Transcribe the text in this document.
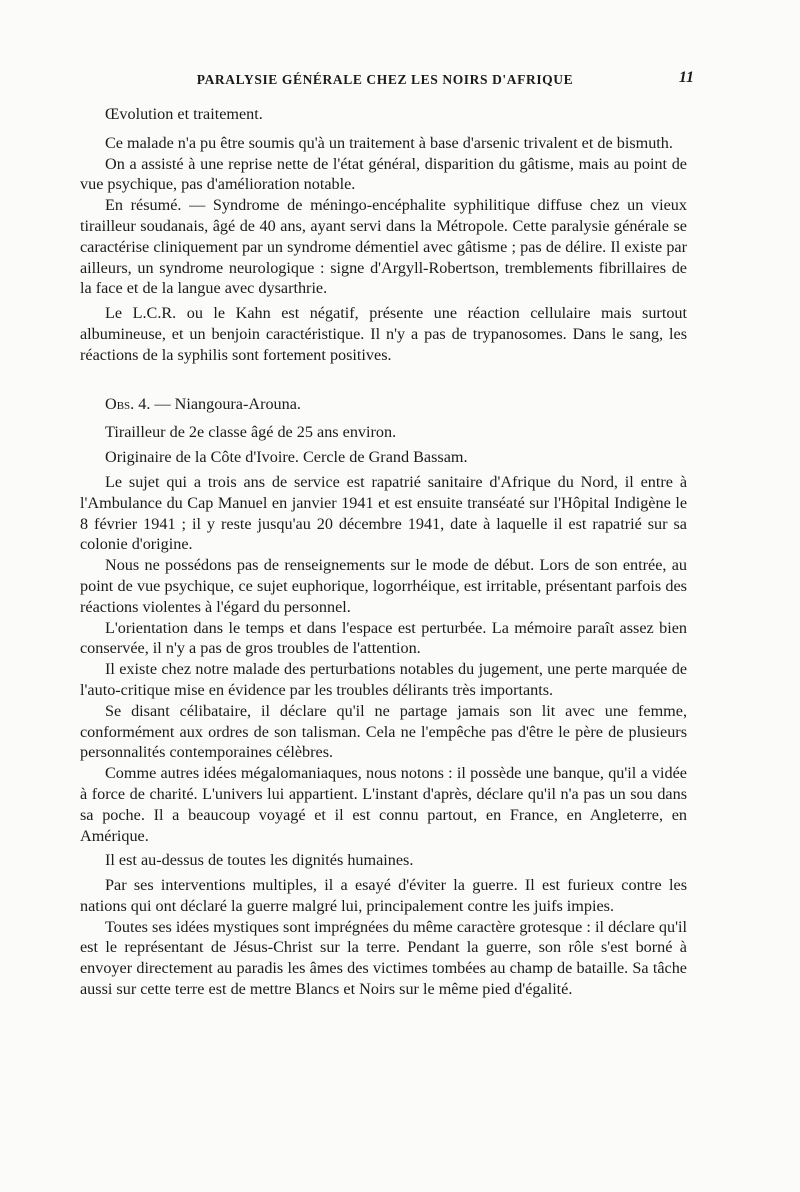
PARALYSIE GÉNÉRALE CHEZ LES NOIRS D'AFRIQUE	11

Œvolution et traitement.

Ce malade n'a pu être soumis qu'à un traitement à base d'arsenic trivalent et de bismuth.

On a assisté à une reprise nette de l'état général, disparition du gâtisme, mais au point de vue psychique, pas d'amélioration notable.

En résumé. — Syndrome de méningo-encéphalite syphilitique diffuse chez un vieux tirailleur soudanais, âgé de 40 ans, ayant servi dans la Métropole. Cette paralysie générale se caractérise cliniquement par un syndrome démentiel avec gâtisme ; pas de délire. Il existe par ailleurs, un syndrome neurologique : signe d'Argyll-Robertson, tremblements fibrillaires de la face et de la langue avec dysarthrie.

Le L.C.R. ou le Kahn est négatif, présente une réaction cellulaire mais surtout albumineuse, et un benjoin caractéristique. Il n'y a pas de trypanosomes. Dans le sang, les réactions de la syphilis sont fortement positives.

Obs. 4. — Niangoura-Arouna.

Tirailleur de 2e classe âgé de 25 ans environ.

Originaire de la Côte d'Ivoire. Cercle de Grand Bassam.

Le sujet qui a trois ans de service est rapatrié sanitaire d'Afrique du Nord, il entre à l'Ambulance du Cap Manuel en janvier 1941 et est ensuite transéaté sur l'Hôpital Indigène le 8 février 1941 ; il y reste jusqu'au 20 décembre 1941, date à laquelle il est rapatrié sur sa colonie d'origine.

Nous ne possédons pas de renseignements sur le mode de début. Lors de son entrée, au point de vue psychique, ce sujet euphorique, logorrhéique, est irritable, présentant parfois des réactions violentes à l'égard du personnel.

L'orientation dans le temps et dans l'espace est perturbée. La mémoire paraît assez bien conservée, il n'y a pas de gros troubles de l'attention.

Il existe chez notre malade des perturbations notables du jugement, une perte marquée de l'auto-critique mise en évidence par les troubles délirants très importants.

Se disant célibataire, il déclare qu'il ne partage jamais son lit avec une femme, conformément aux ordres de son talisman. Cela ne l'empêche pas d'être le père de plusieurs personnalités contemporaines célèbres.

Comme autres idées mégalomaniaques, nous notons : il possède une banque, qu'il a vidée à force de charité. L'univers lui appartient. L'instant d'après, déclare qu'il n'a pas un sou dans sa poche. Il a beaucoup voyagé et il est connu partout, en France, en Angleterre, en Amérique.

Il est au-dessus de toutes les dignités humaines.

Par ses interventions multiples, il a esayé d'éviter la guerre. Il est furieux contre les nations qui ont déclaré la guerre malgré lui, principalement contre les juifs impies.

Toutes ses idées mystiques sont imprégnées du même caractère grotesque : il déclare qu'il est le représentant de Jésus-Christ sur la terre. Pendant la guerre, son rôle s'est borné à envoyer directement au paradis les âmes des victimes tombées au champ de bataille. Sa tâche aussi sur cette terre est de mettre Blancs et Noirs sur le même pied d'égalité.
